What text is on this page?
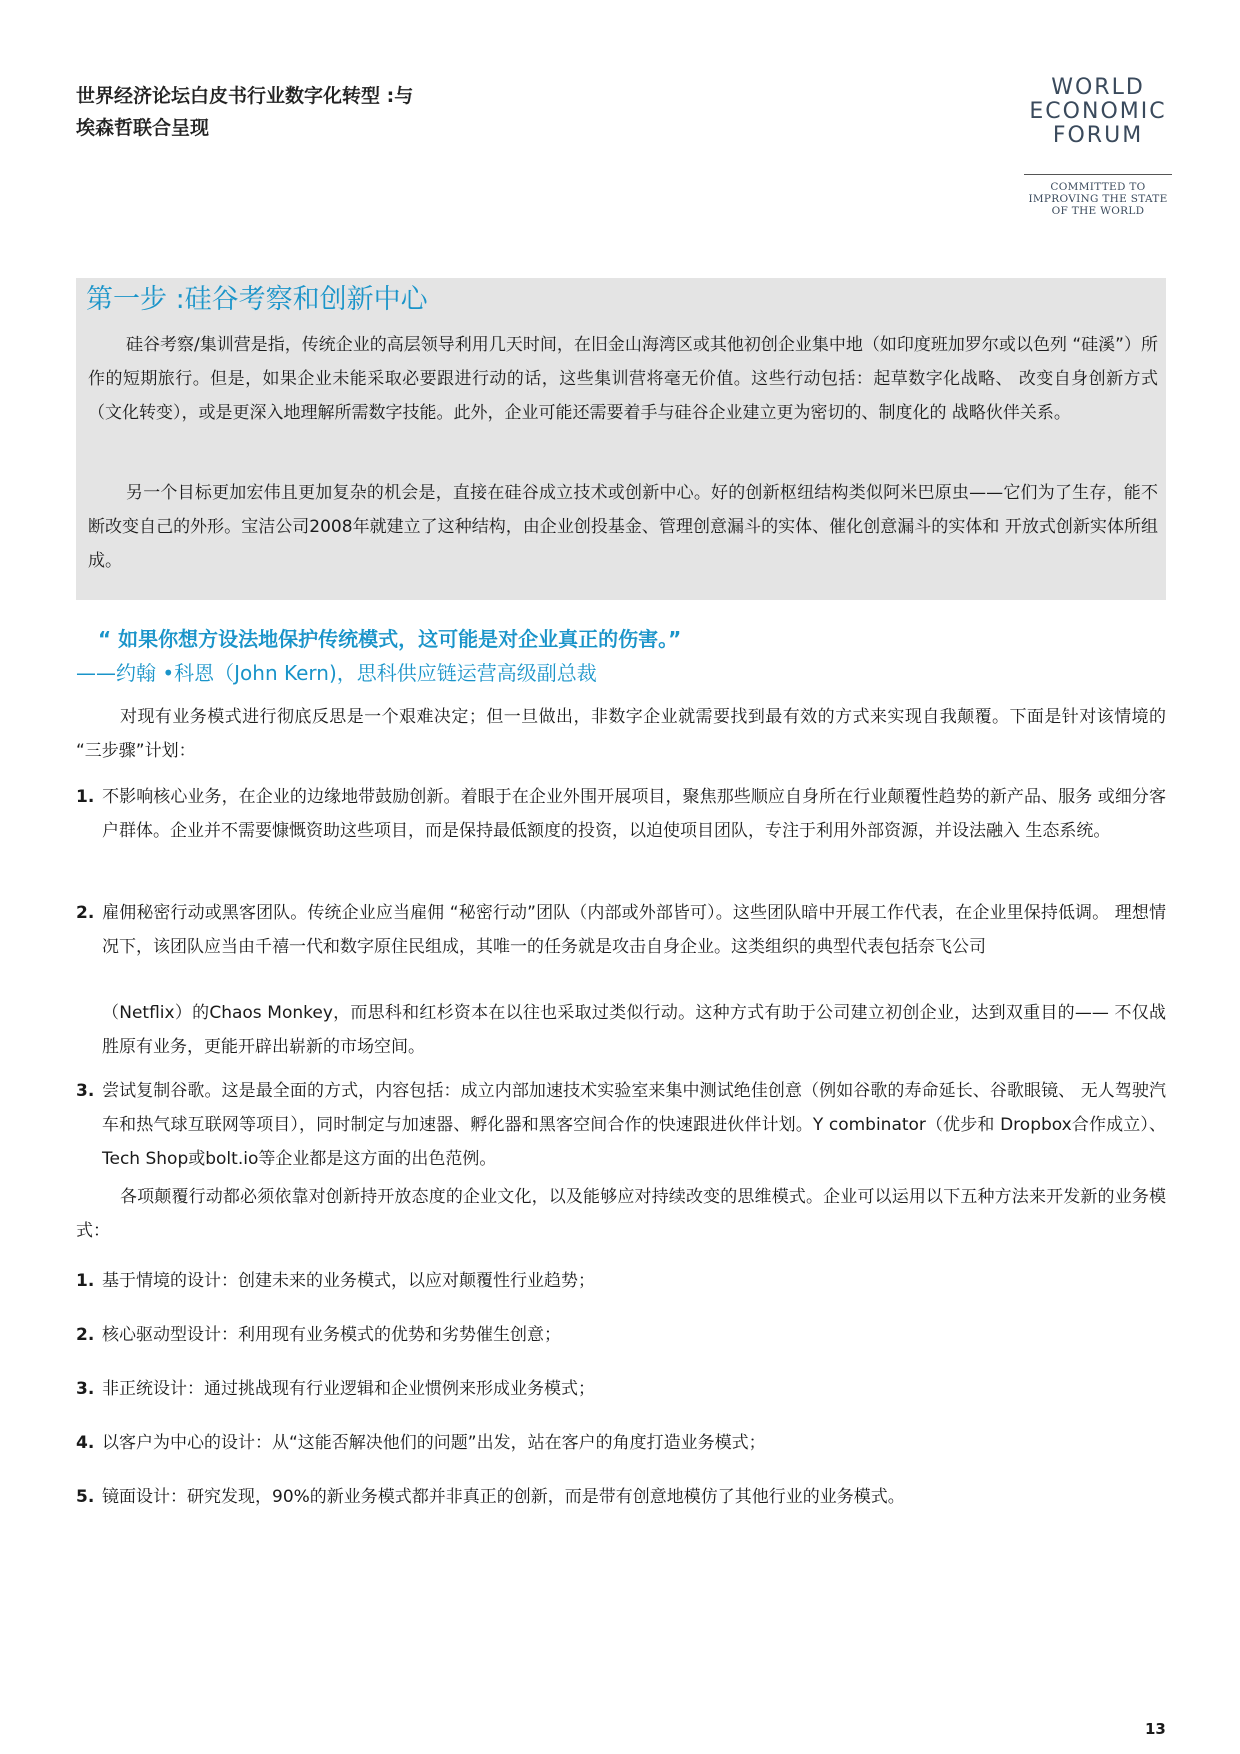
世界经济论坛白皮书行业数字化转型 :与埃森哲联合呈现
WORLD
ECONOMIC
FORUM
COMMITTED TO
IMPROVING THE STATE
OF THE WORLD
第一步 :硅谷考察和创新中心
硅谷考察/集训营是指，传统企业的高层领导利用几天时间，在旧金山海湾区或其他初创企业集中地（如印度班加罗尔或以色列 “硅溪”）所作的短期旅行。但是，如果企业未能采取必要跟进行动的话，这些集训营将毫无价值。这些行动包括：起草数字化战略、 改变自身创新方式（文化转变），或是更深入地理解所需数字技能。此外，企业可能还需要着手与硅谷企业建立更为密切的、制度化的 战略伙伴关系。
另一个目标更加宏伟且更加复杂的机会是，直接在硅谷成立技术或创新中心。好的创新枢纽结构类似阿米巴原虫——它们为了生存，能不断改变自己的外形。宝洁公司2008年就建立了这种结构，由企业创投基金、管理创意漏斗的实体、催化创意漏斗的实体和 开放式创新实体所组成。
“ 如果你想方设法地保护传统模式，这可能是对企业真正的伤害。”
——约翰 •科恩（John Kern)，思科供应链运营高级副总裁
对现有业务模式进行彻底反思是一个艰难决定；但一旦做出，非数字企业就需要找到最有效的方式来实现自我颠覆。下面是针对该情境的 “三步骤”计划：
1. 不影响核心业务，在企业的边缘地带鼓励创新。着眼于在企业外围开展项目，聚焦那些顺应自身所在行业颠覆性趋势的新产品、服务 或细分客户群体。企业并不需要慷慨资助这些项目，而是保持最低额度的投资，以迫使项目团队，专注于利用外部资源，并设法融入 生态系统。
2. 雇佣秘密行动或黑客团队。传统企业应当雇佣 “秘密行动”团队（内部或外部皆可）。这些团队暗中开展工作代表，在企业里保持低调。 理想情况下，该团队应当由千禧一代和数字原住民组成，其唯一的任务就是攻击自身企业。这类组织的典型代表包括奈飞公司
（Netflix）的Chaos Monkey，而思科和红杉资本在以往也采取过类似行动。这种方式有助于公司建立初创企业，达到双重目的—— 不仅战胜原有业务，更能开辟出崭新的市场空间。
3. 尝试复制谷歌。这是最全面的方式，内容包括：成立内部加速技术实验室来集中测试绝佳创意（例如谷歌的寿命延长、谷歌眼镜、 无人驾驶汽车和热气球互联网等项目），同时制定与加速器、孵化器和黑客空间合作的快速跟进伙伴计划。Y combinator（优步和 Dropbox合作成立）、Tech Shop或bolt.io等企业都是这方面的出色范例。
各项颠覆行动都必须依靠对创新持开放态度的企业文化，以及能够应对持续改变的思维模式。企业可以运用以下五种方法来开发新的业务模式：
1. 基于情境的设计：创建未来的业务模式，以应对颠覆性行业趋势；
2. 核心驱动型设计：利用现有业务模式的优势和劣势催生创意；
3. 非正统设计：通过挑战现有行业逻辑和企业惯例来形成业务模式；
4. 以客户为中心的设计：从“这能否解决他们的问题”出发，站在客户的角度打造业务模式；
5. 镜面设计：研究发现，90%的新业务模式都并非真正的创新，而是带有创意地模仿了其他行业的业务模式。
13
